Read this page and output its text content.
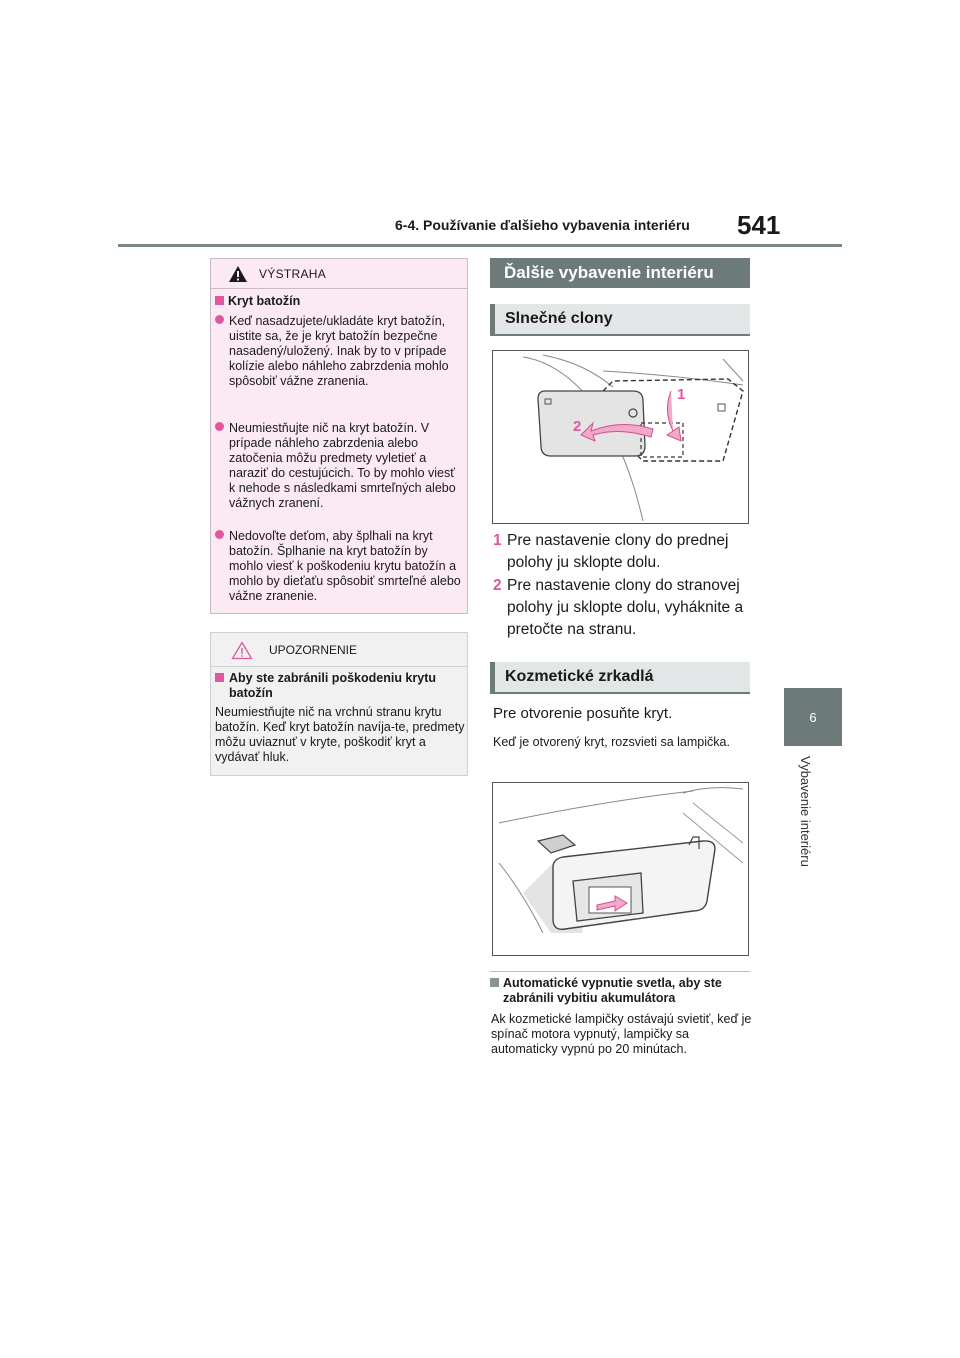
6-4. Používanie ďalšieho vybavenia interiéru 541
6
Vybavenie interiéru
VÝSTRAHA
Kryt batožín
Keď nasadzujete/ukladáte kryt batožín, uistite sa, že je kryt batožín bezpečne nasadený/uložený. Inak by to v prípade kolízie alebo náhleho zabrzdenia mohlo spôsobiť vážne zranenia.
Neumiestňujte nič na kryt batožín. V prípade náhleho zabrzdenia alebo zatočenia môžu predmety vyletieť a naraziť do cestujúcich. To by mohlo viesť k nehode s následkami smrteľných alebo vážnych zranení.
Nedovoľte deťom, aby šplhali na kryt batožín. Šplhanie na kryt batožín by mohlo viesť k poškodeniu krytu batožín a mohlo by dieťaťu spôsobiť smrteľné alebo vážne zranenie.
UPOZORNENIE
Aby ste zabránili poškodeniu krytu batožín
Neumiestňujte nič na vrchnú stranu krytu batožín. Keď kryt batožín navíja-te, predmety môžu uviaznuť v kryte, poškodiť kryt a vydávať hluk.
Ďalšie vybavenie interiéru
Slnečné clony
1
2
1 Pre nastavenie clony do prednej polohy ju sklopte dolu.
2 Pre nastavenie clony do stranovej polohy ju sklopte dolu, vyháknite a pretočte na stranu.
Kozmetické zrkadlá
Pre otvorenie posuňte kryt.
Keď je otvorený kryt, rozsvieti sa lampička.
Automatické vypnutie svetla, aby ste zabránili vybitiu akumulátora
Ak kozmetické lampičky ostávajú svietiť, keď je spínač motora vypnutý, lampičky sa automaticky vypnú po 20 minútach.
